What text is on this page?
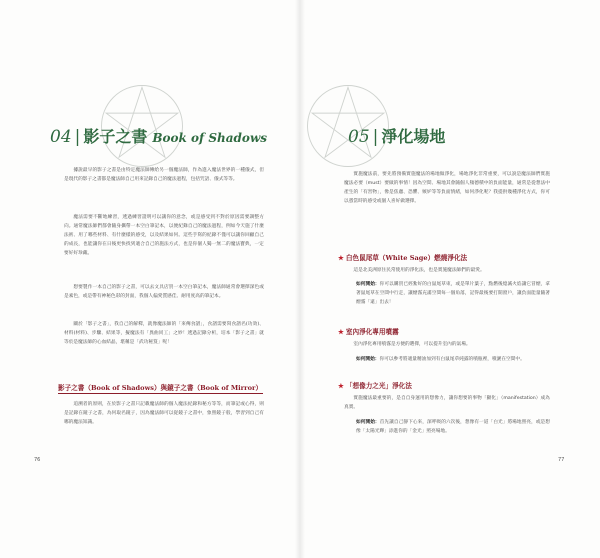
04 | 影子之書 Book of Shadows

據說最早的影子之書是由特定魔法師傳給另一個魔法師，作為進入魔法世界的一種儀式，但是現代的影子之書都是魔法師自己用來記錄自己的魔法過程，包括咒語、儀式等等。

魔法需要不斷地練習，透過練習證明可以讓你的意念，或是感受到不對於原因需要調整方向。通常魔法師們都會隨身攜帶一本空白筆記本，以便紀錄自己的魔法過程，例如今天施了什麼法術、用了哪些材料、有什麼樣的感受，以及結果如何。這些手寫的紀錄不僅可以讓你回顧自己的成長，也能讓你在日後更快找到適合自己的施法方式，也是你個人獨一無二的魔法寶典，一定要好好珍藏。

想要製作一本自己的影子之書，可以去文具店買一本空白筆記本，魔法師通常會選擇深色或是素色，或是帶有神秘色彩的封面，我個人偏愛質感佳、耐用度高的筆記本。

關於「影子之書」，我自己的解釋，就像魔法師的「來傳食譜」，食譜需要寫食譜名(功效)、材料(材料)、步驟、結果等，擬魔法有「異曲同工」之妙！透過記錄分析，培本「影子之書」就等於是魔法師的心血結晶，堪稱是「武功秘笈」呢！

影子之書（Book of Shadows）與鏡子之書（Book of Mirror）

追溯者的原則，在於影子之書只記載魔法師的個人魔法紀錄和秘方等等，而筆記或心得，則是記錄在鏡子之書，為何取名鏡子，因為魔法師可以從鏡子之書中，象照鏡子般，學習到自己有哪的魔法知識。

76
05 | 淨化場地

實施魔法前，要先將預備實施魔法的場地做淨化，場地淨化非常重要，可以說是魔法師們實施魔法必要（must）要做的事情！因為空間、場地其會隨個人頻德積中的負面能量，通常是從想法中產生的「有害物」，像是焦慮、恐懼、嫉妒等等負面情緒，如何淨化呢？我提供幾種淨化方式，你可以憑當時的感受或個人喜好做選擇。

★ 白色鼠尾草（White Sage）燃燒淨化法

這是北美洲原住民常使用的淨化法，也是實施魔法師們的最愛。

如何開始：你可以購買已經紮好的白鼠尾草束，或是單片葉子，點燃後熄滅火焰讓它冒煙，拿著鼠尾草在空間中行走，讓煙霧充滿空間每一個角落，記得最後要打開窗戶，讓負面能量隨著煙霧「遠」出去！

★ 室內淨化專用噴霧

室內淨化專用噴霧是方便的選擇，可以提升室內的氣場。

如何開始：你可以參考將適量精油加到有白鼠尾草純露的噴瓶裡，噴灑在空間中。

★ 「想像力之光」淨化法

實施魔法最重要的，是自自身運用的想像力，讓你想要的事物「顯化」（manifestation）成為真實。

如何開始：首先讓自己靜下心來，深呼吸的六次後，想像有一道「白光」將場地照亮，或是想像「太陽光輝」添進你的「金光」照亮場地。

77
